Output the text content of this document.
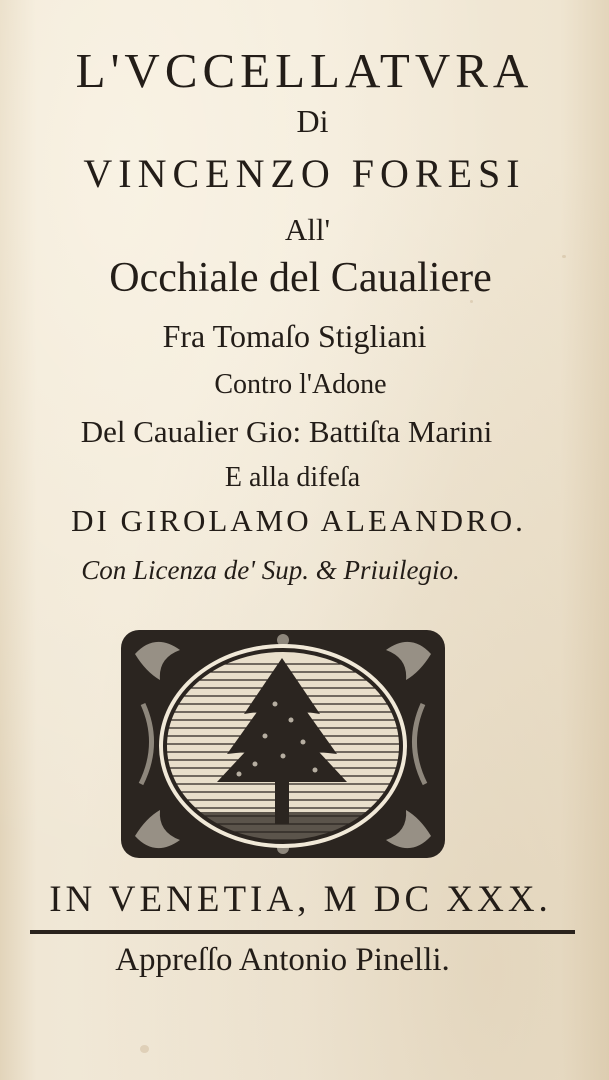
L'VCCELLATVRA
Di
VINCENZO FORESI
All'
Occhiale del Caualiere
Fra Tomaſo Stigliani
Contro l'Adone
Del Caualier Gio: Battiſta Marini
E alla difeſa
DI GIROLAMO ALEANDRO.
Con Licenza de' Sup. & Priuilegio.
IN VENETIA, M DC XXX.
Appreſſo Antonio Pinelli.
